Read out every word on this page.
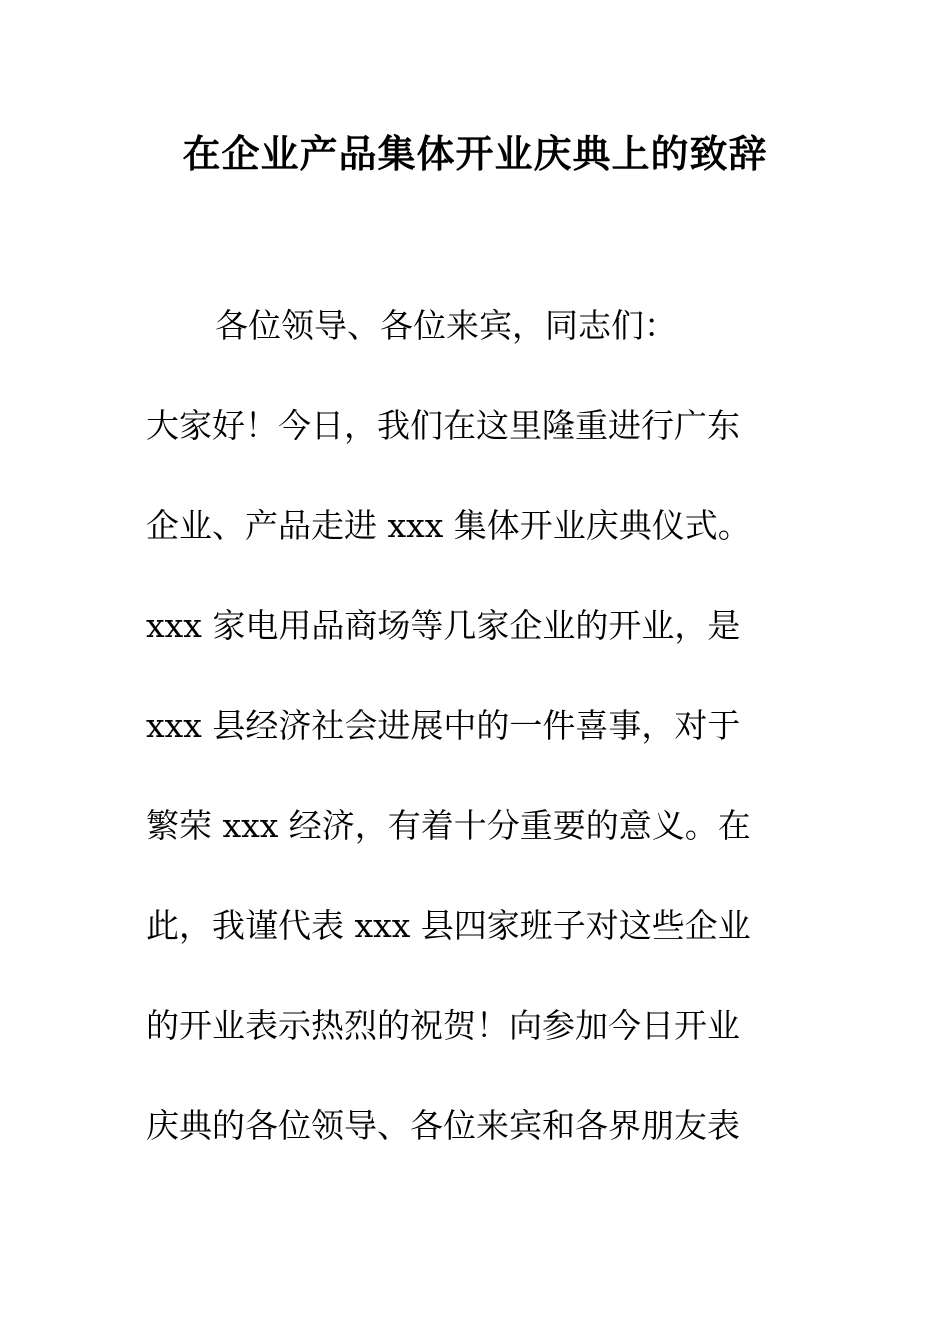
在企业产品集体开业庆典上的致辞

各位领导、各位来宾，同志们：

大家好！今日，我们在这里隆重进行广东

企业、产品走进 xxx 集体开业庆典仪式。

xxx 家电用品商场等几家企业的开业，是

xxx 县经济社会进展中的一件喜事，对于

繁荣 xxx 经济，有着十分重要的意义。在

此，我谨代表 xxx 县四家班子对这些企业

的开业表示热烈的祝贺！向参加今日开业

庆典的各位领导、各位来宾和各界朋友表
